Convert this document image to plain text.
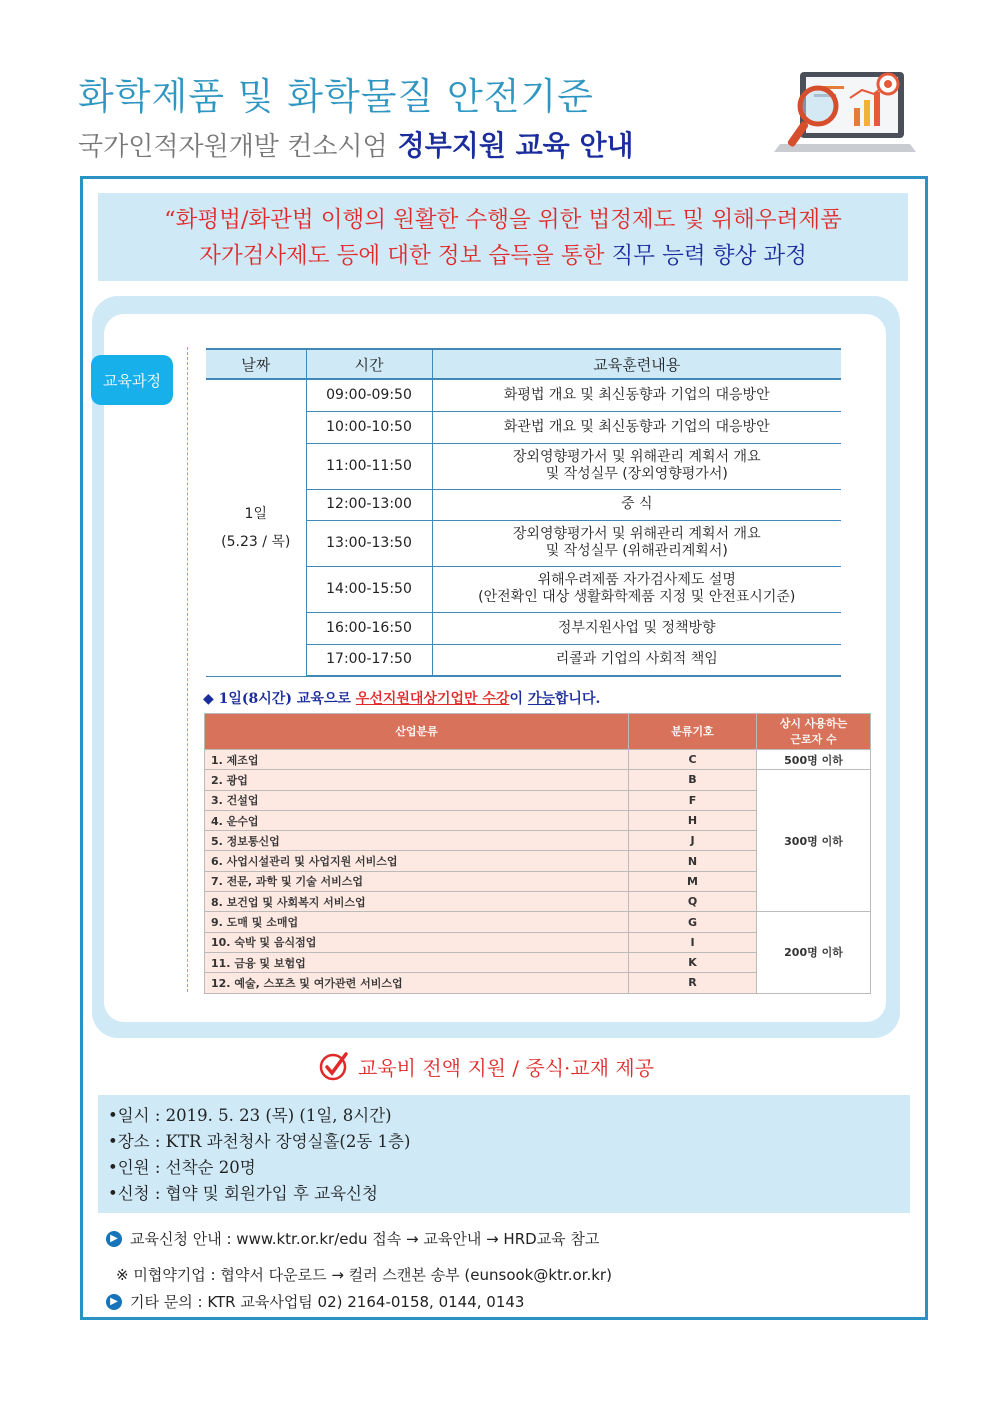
화학제품 및 화학물질 안전기준
국가인적자원개발 컨소시엄 정부지원 교육 안내
“화평법/화관법 이행의 원활한 수행을 위한 법정제도 및 위해우려제품
자가검사제도 등에 대한 정보 습득을 통한 직무 능력 향상 과정
교육과정
날짜	시간	교육훈련내용

1일
(5.23 / 목)	09:00-09:50	화평법 개요 및 최신동향과 기업의 대응방안
	10:00-10:50	화관법 개요 및 최신동향과 기업의 대응방안
	11:00-11:50	장외영향평가서 및 위해관리 계획서 개요
및 작성실무 (장외영향평가서)

	12:00-13:00	중 식
	13:00-13:50	장외영향평가서 및 위해관리 계획서 개요
및 작성실무 (위해관리계획서)

	14:00-15:50	위해우려제품 자가검사제도 설명
(안전확인 대상 생활화학제품 지정 및 안전표시기준)

	16:00-16:50	정부지원사업 및 정책방향
	17:00-17:50	리콜과 기업의 사회적 책임
◆ 1일(8시간) 교육으로 우선지원대상기업만 수강이 가능합니다.
산업분류	분류기호	상시 사용하는
근로자 수

1. 제조업	C	500명 이하
2. 광업	B	300명 이하
3. 건설업	F	
4. 운수업	H	
5. 정보통신업	J	
6. 사업시설관리 및 사업지원 서비스업	N	
7. 전문, 과학 및 기술 서비스업	M	
8. 보건업 및 사회복지 서비스업	Q	
9. 도매 및 소매업	G	200명 이하
10. 숙박 및 음식점업	I	
11. 금융 및 보험업	K	
12. 예술, 스포츠 및 여가관련 서비스업	R	
교육비 전액 지원 / 중식·교재 제공
•일시 : 2019. 5. 23 (목) (1일, 8시간)
•장소 : KTR 과천청사 장영실홀(2동 1층)
•인원 : 선착순 20명
•신청 : 협약 및 회원가입 후 교육신청
▶ 교육신청 안내 : www.ktr.or.kr/edu 접속 → 교육안내 → HRD교육 참고
※ 미협약기업 : 협약서 다운로드 → 컬러 스캔본 송부 (eunsook@ktr.or.kr)
▶ 기타 문의 : KTR 교육사업팀 02) 2164-0158, 0144, 0143
